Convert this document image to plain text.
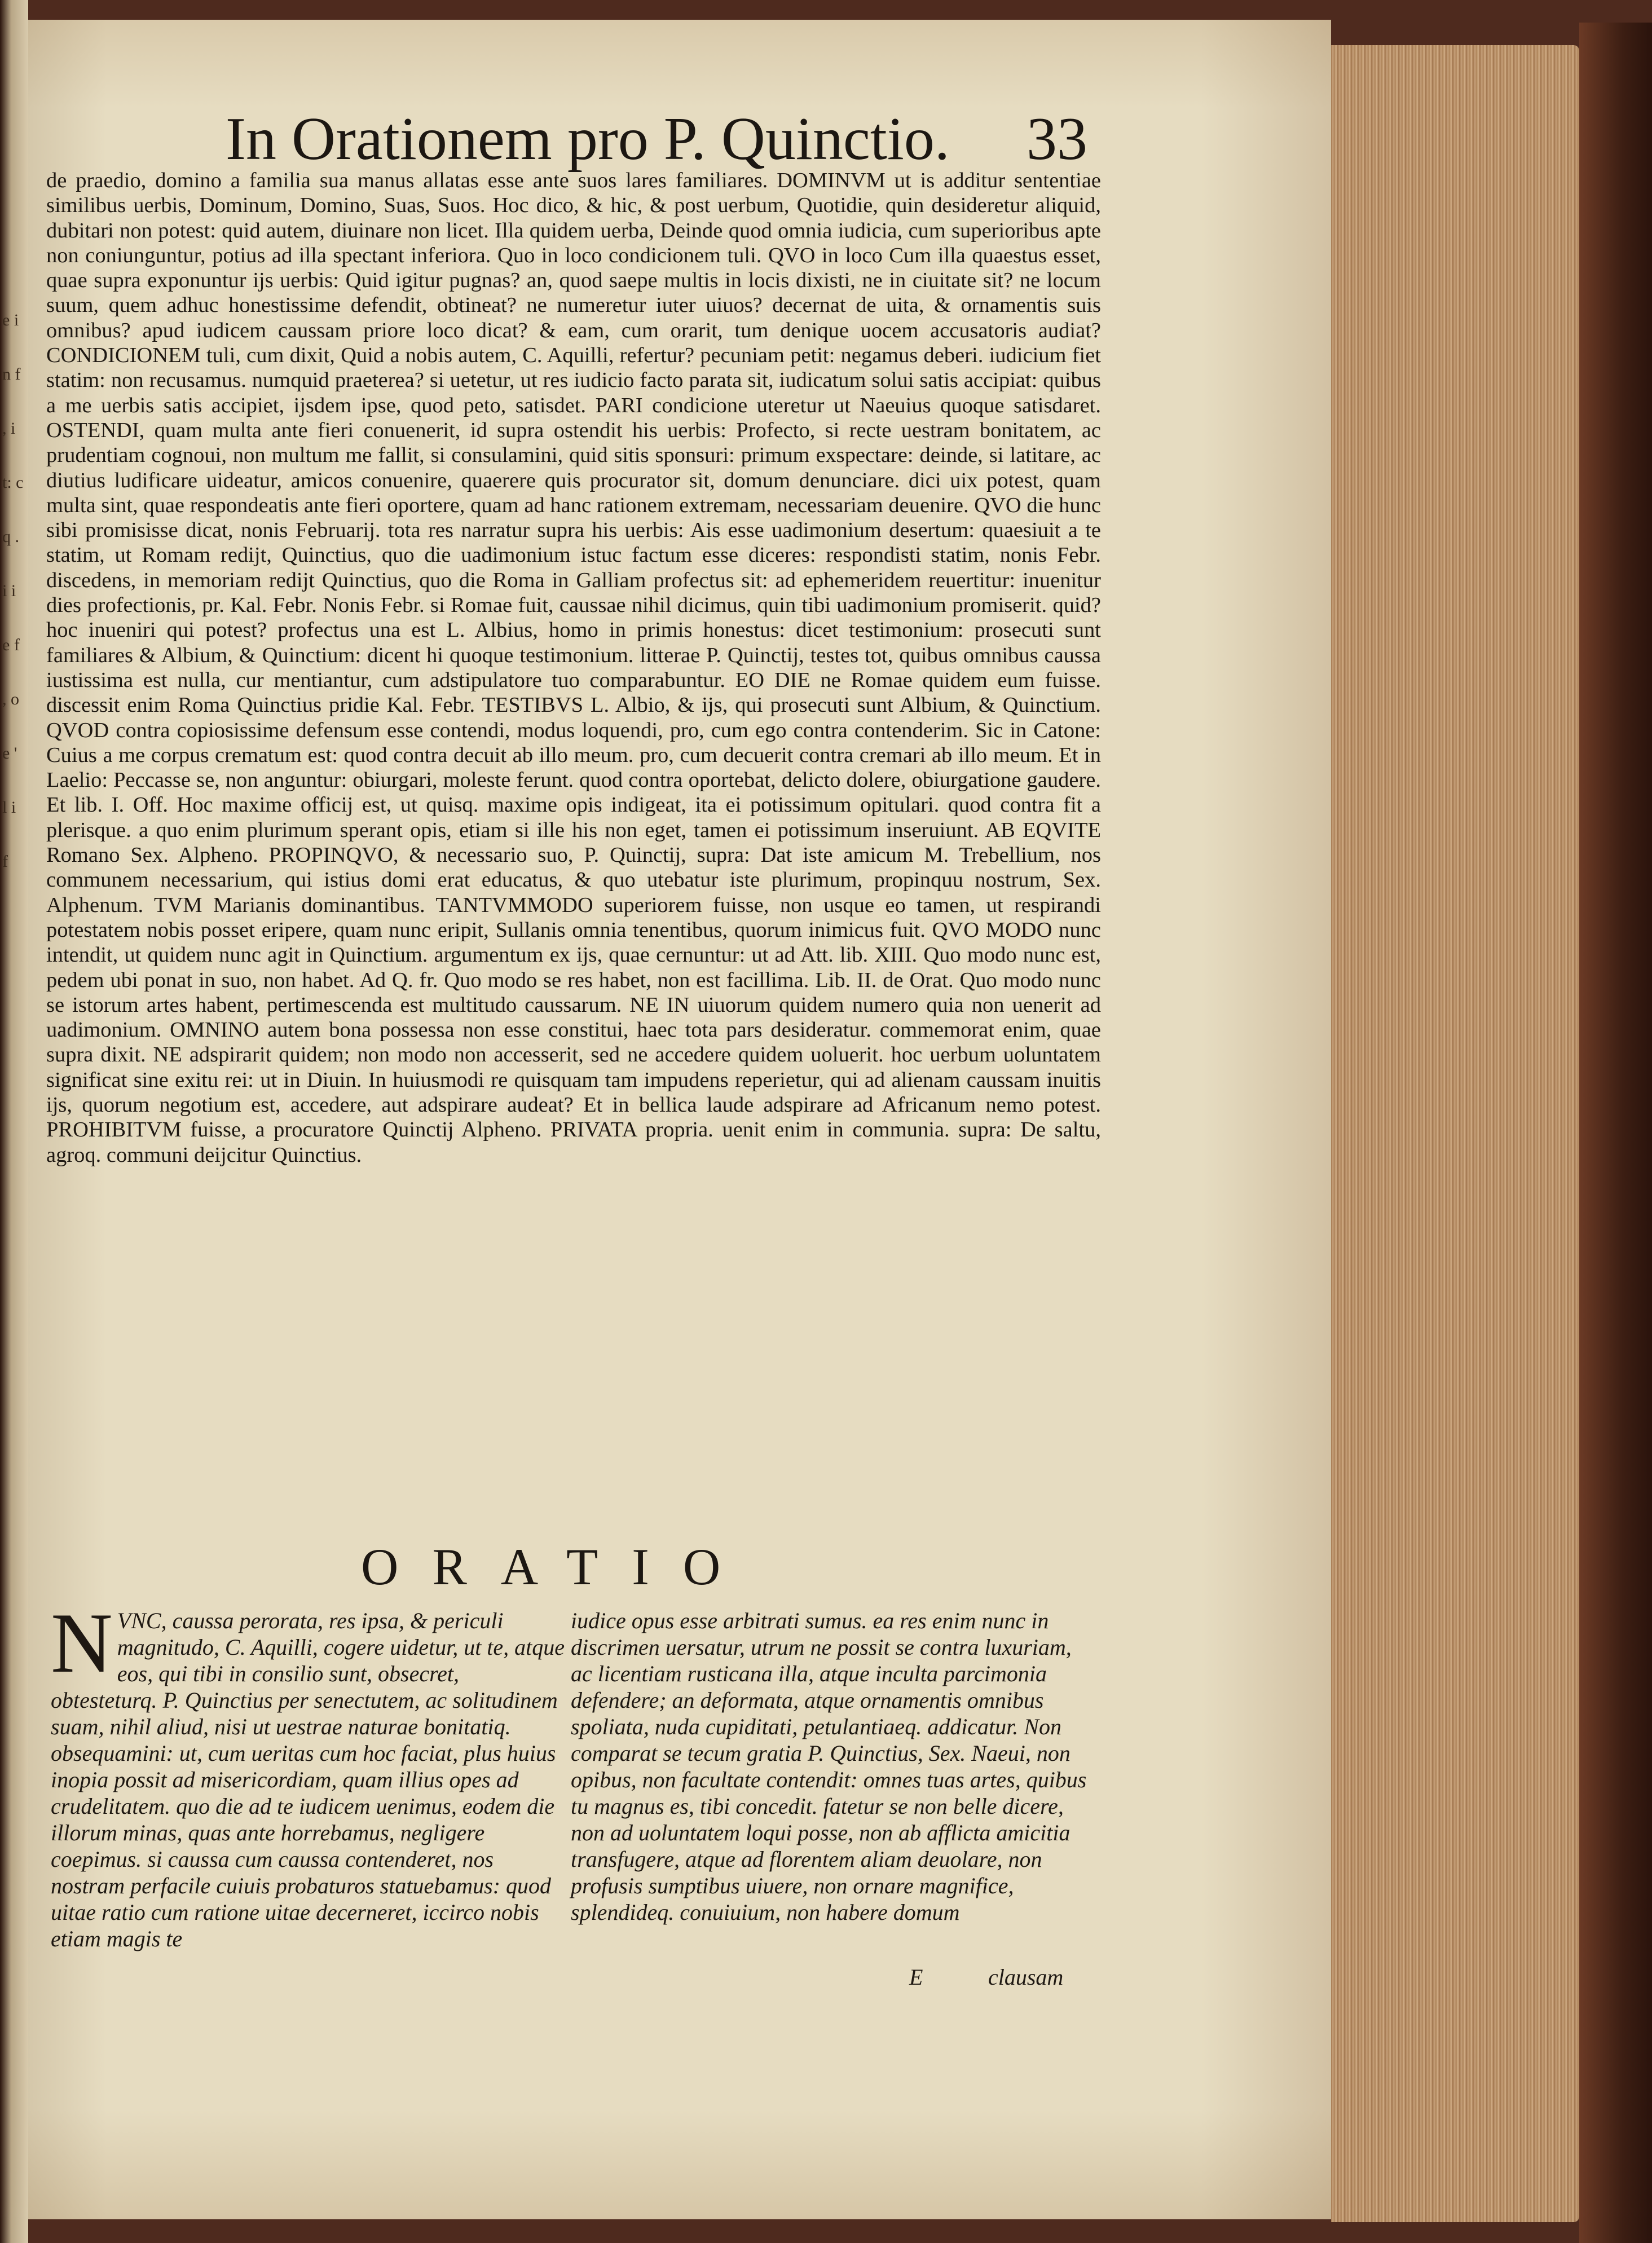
e i n f , i t: c q . i i e f , o e ' l i f
In Orationem pro P. Quinctio. 33

de praedio, domino a familia sua manus allatas esse ante suos lares familiares. DOMINVM ut is additur sententiae similibus uerbis, Dominum, Domino, Suas, Suos. Hoc dico, & hic, & post uerbum, Quotidie, quin desideretur aliquid, dubitari non potest: quid autem, diuinare non licet. Illa quidem uerba, Deinde quod omnia iudicia, cum superioribus apte non coniunguntur, potius ad illa spectant inferiora. Quo in loco condicionem tuli. QVO in loco Cum illa quaestus esset, quae supra exponuntur ijs uerbis: Quid igitur pugnas? an, quod saepe multis in locis dixisti, ne in ciuitate sit? ne locum suum, quem adhuc honestissime defendit, obtineat? ne numeretur iuter uiuos? decernat de uita, & ornamentis suis omnibus? apud iudicem caussam priore loco dicat? & eam, cum orarit, tum denique uocem accusatoris audiat? CONDICIONEM tuli, cum dixit, Quid a nobis autem, C. Aquilli, refertur? pecuniam petit: negamus deberi. iudicium fiet statim: non recusamus. numquid praeterea? si uetetur, ut res iudicio facto parata sit, iudicatum solui satis accipiat: quibus a me uerbis satis accipiet, ijsdem ipse, quod peto, satisdet. PARI condicione uteretur ut Naeuius quoque satisdaret. OSTENDI, quam multa ante fieri conuenerit, id supra ostendit his uerbis: Profecto, si recte uestram bonitatem, ac prudentiam cognoui, non multum me fallit, si consulamini, quid sitis sponsuri: primum exspectare: deinde, si latitare, ac diutius ludificare uideatur, amicos conuenire, quaerere quis procurator sit, domum denunciare. dici uix potest, quam multa sint, quae respondeatis ante fieri oportere, quam ad hanc rationem extremam, necessariam deuenire. QVO die hunc sibi promisisse dicat, nonis Februarij. tota res narratur supra his uerbis: Ais esse uadimonium desertum: quaesiuit a te statim, ut Romam redijt, Quinctius, quo die uadimonium istuc factum esse diceres: respondisti statim, nonis Febr. discedens, in memoriam redijt Quinctius, quo die Roma in Galliam profectus sit: ad ephemeridem reuertitur: inuenitur dies profectionis, pr. Kal. Febr. Nonis Febr. si Romae fuit, caussae nihil dicimus, quin tibi uadimonium promiserit. quid? hoc inueniri qui potest? profectus una est L. Albius, homo in primis honestus: dicet testimonium: prosecuti sunt familiares & Albium, & Quinctium: dicent hi quoque testimonium. litterae P. Quinctij, testes tot, quibus omnibus caussa iustissima est nulla, cur mentiantur, cum adstipulatore tuo comparabuntur. EO DIE ne Romae quidem eum fuisse. discessit enim Roma Quinctius pridie Kal. Febr. TESTIBVS L. Albio, & ijs, qui prosecuti sunt Albium, & Quinctium. QVOD contra copiosissime defensum esse contendi, modus loquendi, pro, cum ego contra contenderim. Sic in Catone: Cuius a me corpus crematum est: quod contra decuit ab illo meum. pro, cum decuerit contra cremari ab illo meum. Et in Laelio: Peccasse se, non anguntur: obiurgari, moleste ferunt. quod contra oportebat, delicto dolere, obiurgatione gaudere. Et lib. I. Off. Hoc maxime officij est, ut quisq. maxime opis indigeat, ita ei potissimum opitulari. quod contra fit a plerisque. a quo enim plurimum sperant opis, etiam si ille his non eget, tamen ei potissimum inseruiunt. AB EQVITE Romano Sex. Alpheno. PROPINQVO, & necessario suo, P. Quinctij, supra: Dat iste amicum M. Trebellium, nos communem necessarium, qui istius domi erat educatus, & quo utebatur iste plurimum, propinquu nostrum, Sex. Alphenum. TVM Marianis dominantibus. TANTVMMODO superiorem fuisse, non usque eo tamen, ut respirandi potestatem nobis posset eripere, quam nunc eripit, Sullanis omnia tenentibus, quorum inimicus fuit. QVO MODO nunc intendit, ut quidem nunc agit in Quinctium. argumentum ex ijs, quae cernuntur: ut ad Att. lib. XIII. Quo modo nunc est, pedem ubi ponat in suo, non habet. Ad Q. fr. Quo modo se res habet, non est facillima. Lib. II. de Orat. Quo modo nunc se istorum artes habent, pertimescenda est multitudo caussarum. NE IN uiuorum quidem numero quia non uenerit ad uadimonium. OMNINO autem bona possessa non esse constitui, haec tota pars desideratur. commemorat enim, quae supra dixit. NE adspirarit quidem; non modo non accesserit, sed ne accedere quidem uoluerit. hoc uerbum uoluntatem significat sine exitu rei: ut in Diuin. In huiusmodi re quisquam tam impudens reperietur, qui ad alienam caussam inuitis ijs, quorum negotium est, accedere, aut adspirare audeat? Et in bellica laude adspirare ad Africanum nemo potest. PROHIBITVM fuisse, a procuratore Quinctij Alpheno. PRIVATA propria. uenit enim in communia. supra: De saltu, agroq. communi deijcitur Quinctius.

ORATIO

N VNC, caussa perorata, res ipsa, & periculi magnitudo, C. Aquilli, cogere uidetur, ut te, atque eos, qui tibi in consilio sunt, obsecret, obtesteturq. P. Quinctius per senectutem, ac solitudinem suam, nihil aliud, nisi ut uestrae naturae bonitatiq. obsequamini: ut, cum ueritas cum hoc faciat, plus huius inopia possit ad misericordiam, quam illius opes ad crudelitatem. quo die ad te iudicem uenimus, eodem die illorum minas, quas ante horrebamus, negligere coepimus. si caussa cum caussa contenderet, nos nostram perfacile cuiuis probaturos statuebamus: quod uitae ratio cum ratione uitae decerneret, iccirco nobis etiam magis te

iudice opus esse arbitrati sumus. ea res enim nunc in discrimen uersatur, utrum ne possit se contra luxuriam, ac licentiam rusticana illa, atque inculta parcimonia defendere; an deformata, atque ornamentis omnibus spoliata, nuda cupiditati, petulantiaeq. addicatur. Non comparat se tecum gratia P. Quinctius, Sex. Naeui, non opibus, non facultate contendit: omnes tuas artes, quibus tu magnus es, tibi concedit. fatetur se non belle dicere, non ad uoluntatem loqui posse, non ab afflicta amicitia transfugere, atque ad florentem aliam deuolare, non profusis sumptibus uiuere, non ornare magnifice, splendideq. conuiuium, non habere domum

E	clausam
